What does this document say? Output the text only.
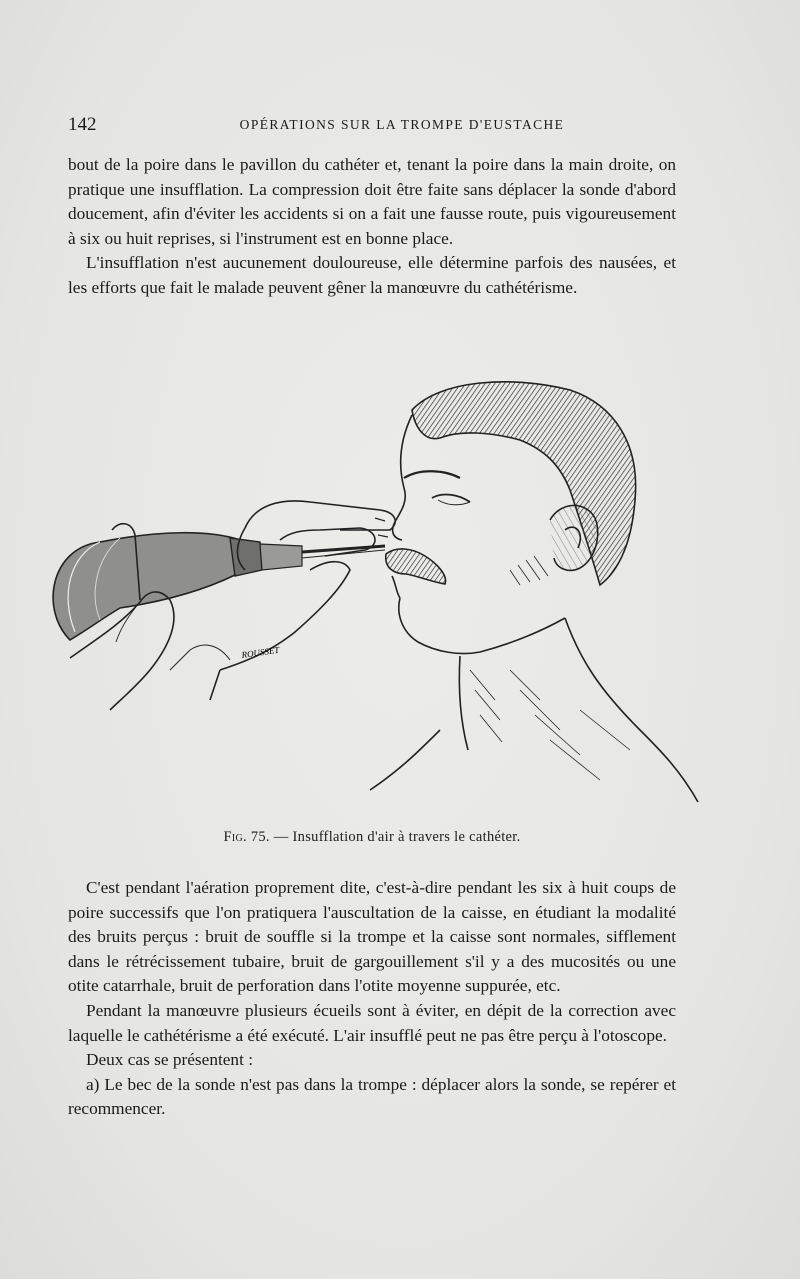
142	OPÉRATIONS SUR LA TROMPE D'EUSTACHE

bout de la poire dans le pavillon du cathéter et, tenant la poire dans la main droite, on pratique une insufflation. La compression doit être faite sans déplacer la sonde d'abord doucement, afin d'éviter les accidents si on a fait une fausse route, puis vigoureusement à six ou huit reprises, si l'instrument est en bonne place.

L'insufflation n'est aucunement douloureuse, elle détermine parfois des nausées, et les efforts que fait le malade peuvent gêner la manœuvre du cathétérisme.

ROUSSET
Fig. 75. — Insufflation d'air à travers le cathéter.

C'est pendant l'aération proprement dite, c'est-à-dire pendant les six à huit coups de poire successifs que l'on pratiquera l'auscultation de la caisse, en étudiant la modalité des bruits perçus : bruit de souffle si la trompe et la caisse sont normales, sifflement dans le rétrécissement tubaire, bruit de gargouillement s'il y a des mucosités ou une otite catarrhale, bruit de perforation dans l'otite moyenne suppurée, etc.

Pendant la manœuvre plusieurs écueils sont à éviter, en dépit de la correction avec laquelle le cathétérisme a été exécuté. L'air insufflé peut ne pas être perçu à l'otoscope.

Deux cas se présentent :

a) Le bec de la sonde n'est pas dans la trompe : déplacer alors la sonde, se repérer et recommencer.
